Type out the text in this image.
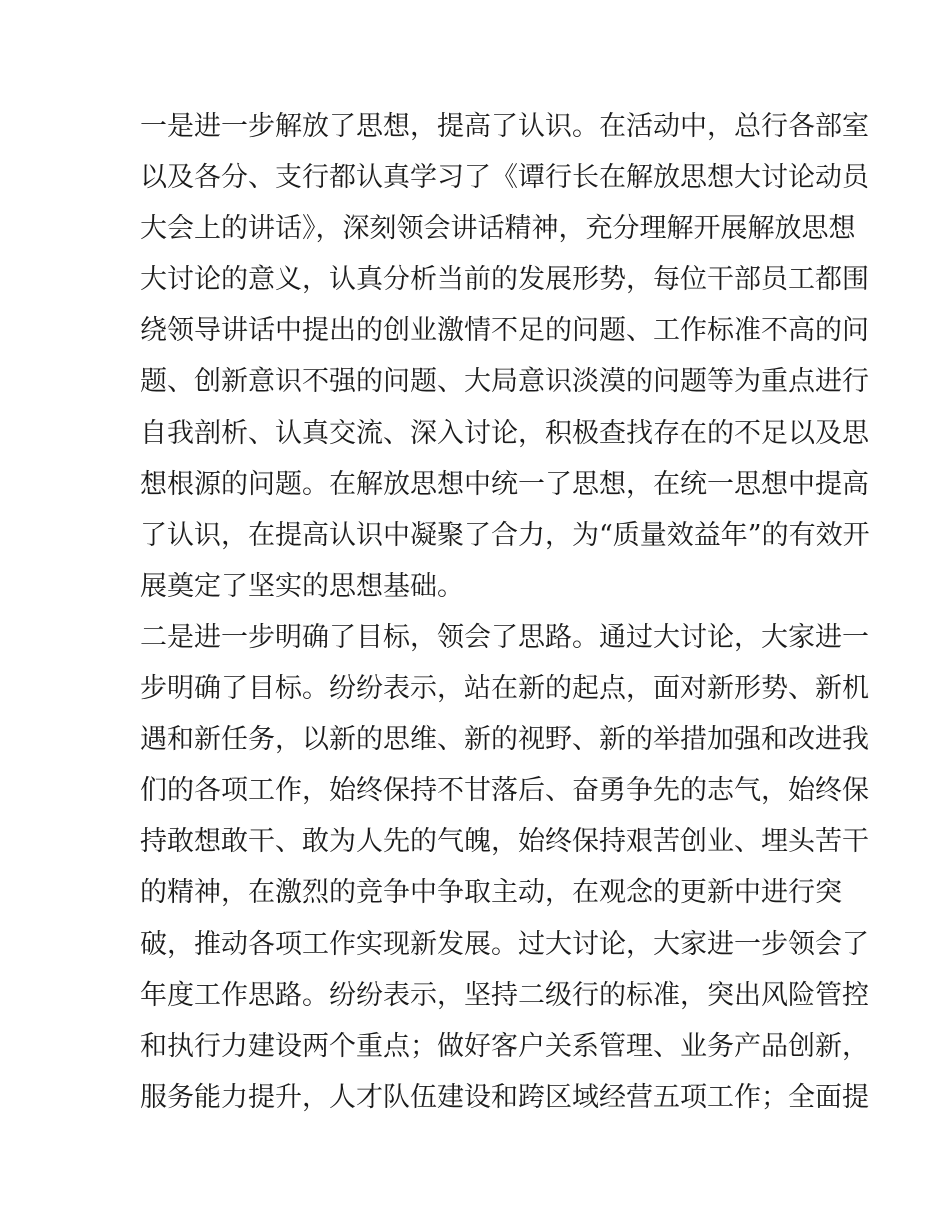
一是进一步解放了思想，提高了认识。在活动中，总行各部室
以及各分、支行都认真学习了《谭行长在解放思想大讨论动员
大会上的讲话》，深刻领会讲话精神，充分理解开展解放思想
大讨论的意义，认真分析当前的发展形势，每位干部员工都围
绕领导讲话中提出的创业激情不足的问题、工作标准不高的问
题、创新意识不强的问题、大局意识淡漠的问题等为重点进行
自我剖析、认真交流、深入讨论，积极查找存在的不足以及思
想根源的问题。在解放思想中统一了思想，在统一思想中提高
了认识，在提高认识中凝聚了合力，为“质量效益年”的有效开
展奠定了坚实的思想基础。
二是进一步明确了目标，领会了思路。通过大讨论，大家进一
步明确了目标。纷纷表示，站在新的起点，面对新形势、新机
遇和新任务，以新的思维、新的视野、新的举措加强和改进我
们的各项工作，始终保持不甘落后、奋勇争先的志气，始终保
持敢想敢干、敢为人先的气魄，始终保持艰苦创业、埋头苦干
的精神，在激烈的竞争中争取主动，在观念的更新中进行突
破，推动各项工作实现新发展。过大讨论，大家进一步领会了
年度工作思路。纷纷表示，坚持二级行的标准，突出风险管控
和执行力建设两个重点；做好客户关系管理、业务产品创新，
服务能力提升，人才队伍建设和跨区域经营五项工作；全面提
